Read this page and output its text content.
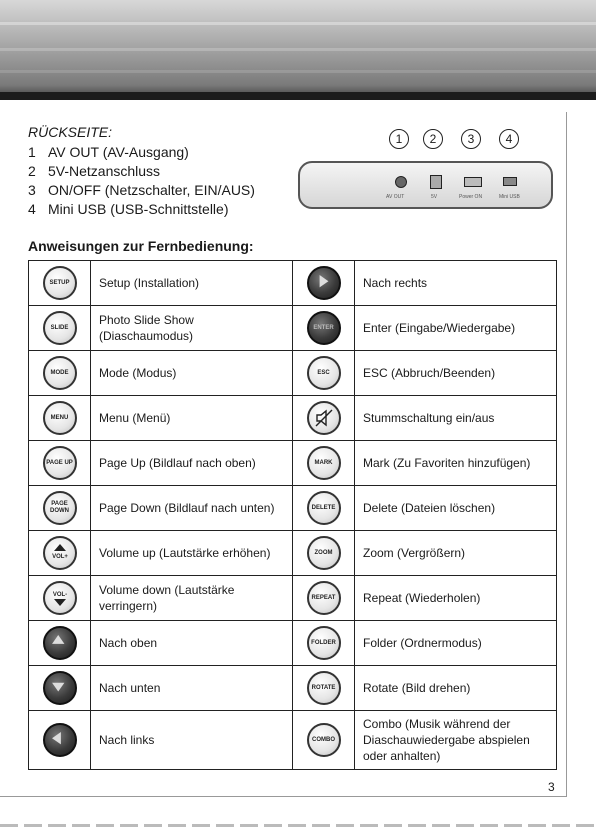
RÜCKSEITE:
1 AV OUT (AV-Ausgang)
2 5V-Netzanschluss
3 ON/OFF (Netzschalter, EIN/AUS)
4 Mini USB (USB-Schnittstelle)
1	2	3	4
AV OUT	5V	Power ON	Mini USB
Anweisungen zur Fernbedienung:
SETUP	Setup (Installation)		Nach rechts
SLIDE	Photo Slide Show
(Diaschaumodus)	ENTER	Enter (Eingabe/Wiedergabe)
MODE	Mode (Modus)	ESC	ESC (Abbruch/Beenden)
MENU	Menu (Menü)		Stummschaltung ein/aus
PAGE UP	Page Up (Bildlauf nach oben)	MARK	Mark (Zu Favoriten hinzufügen)
PAGE DOWN	Page Down (Bildlauf nach unten)	DELETE	Delete (Dateien löschen)

VOL+	Volume up (Lautstärke erhöhen)	ZOOM	Zoom (Vergrößern)

VOL-	Volume down (Lautstärke
verringern)	REPEAT	Repeat (Wiederholen)

	Nach oben	FOLDER	Folder (Ordnermodus)

	Nach unten	ROTATE	Rotate (Bild drehen)

	Nach links	COMBO	Combo (Musik während der
Diaschauwiedergabe abspielen
oder anhalten)
3
